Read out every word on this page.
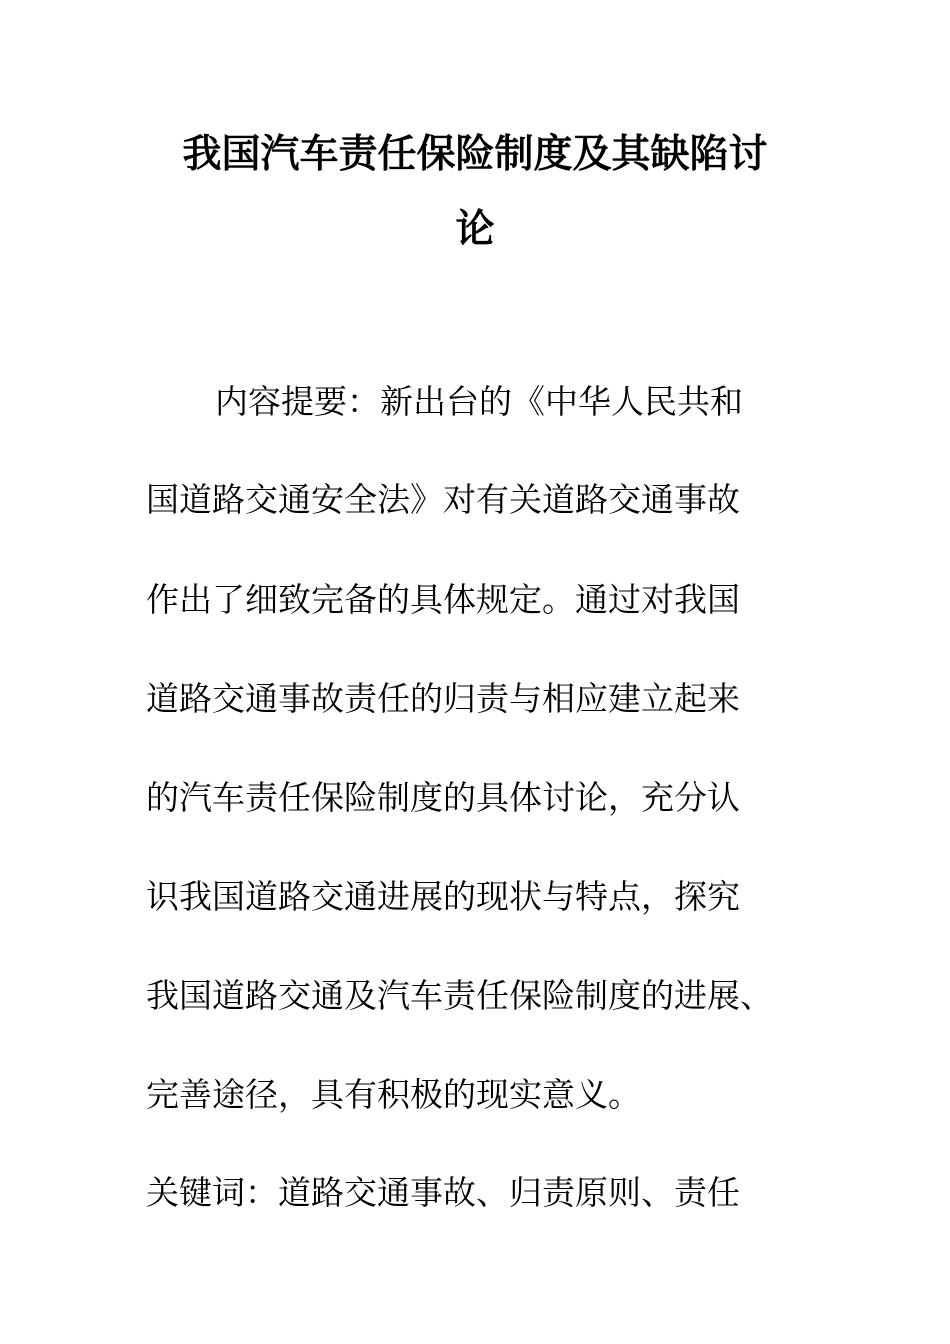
我国汽车责任保险制度及其缺陷讨
论
内容提要：新出台的《中华人民共和
国道路交通安全法》对有关道路交通事故
作出了细致完备的具体规定。通过对我国
道路交通事故责任的归责与相应建立起来
的汽车责任保险制度的具体讨论，充分认
识我国道路交通进展的现状与特点，探究
我国道路交通及汽车责任保险制度的进展、
完善途径，具有积极的现实意义。
关键词：道路交通事故、归责原则、责任
